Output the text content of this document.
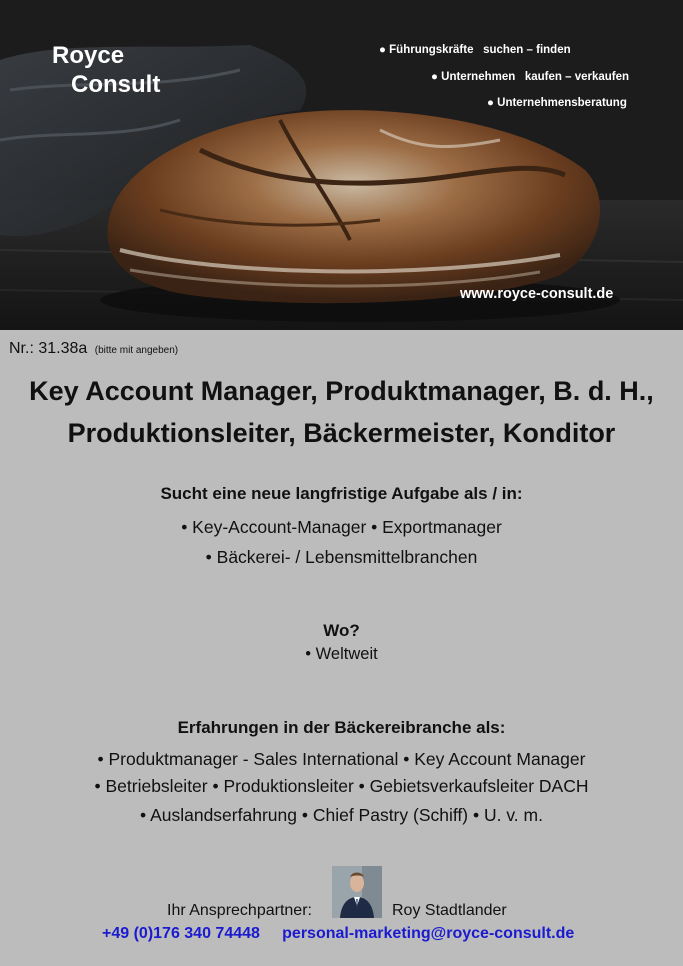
Royce
Consult
● Führungskräfte   suchen – finden
● Unternehmen   kaufen – verkaufen
● Unternehmensberatung
www.royce-consult.de
Nr.: 31.38a (bitte mit angeben)
Key Account Manager, Produktmanager, B. d. H.,
Produktionsleiter, Bäckermeister, Konditor
Sucht eine neue langfristige Aufgabe als / in:
• Key-Account-Manager • Exportmanager
• Bäckerei- / Lebensmittelbranchen
Wo?
• Weltweit
Erfahrungen in der Bäckereibranche als:
• Produktmanager - Sales International • Key Account Manager
• Betriebsleiter • Produktionsleiter • Gebietsverkaufsleiter DACH
• Auslandserfahrung • Chief Pastry (Schiff) • U. v. m.
Ihr Ansprechpartner:	Roy Stadtlander
+49 (0)176 340 74448 personal-marketing@royce-consult.de
